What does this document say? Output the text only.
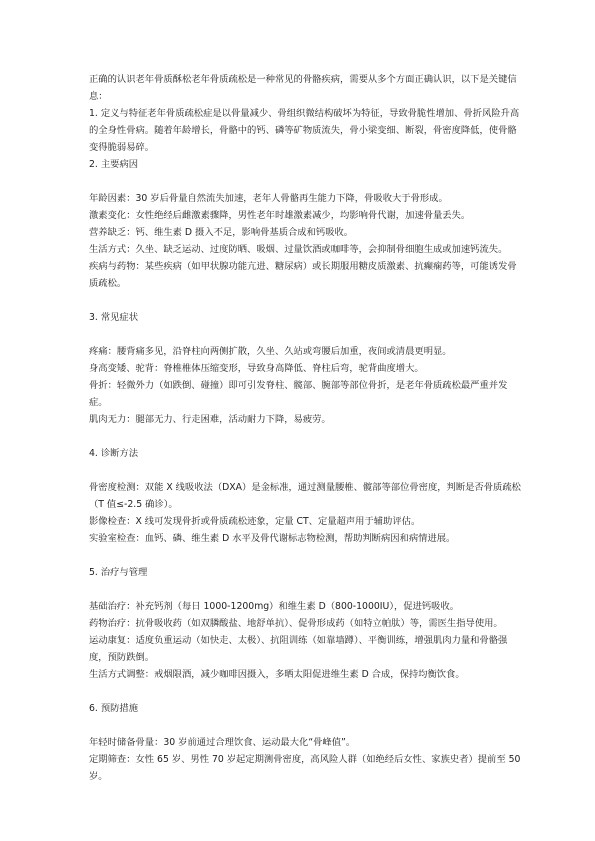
正确的认识老年骨质酥松老年骨质疏松是一种常见的骨骼疾病，需要从多个方面正确认识，以下是关键信息：

1. 定义与特征老年骨质疏松症是以骨量减少、骨组织微结构破坏为特征，导致骨脆性增加、骨折风险升高的全身性骨病。随着年龄增长，骨骼中的钙、磷等矿物质流失，骨小梁变细、断裂，骨密度降低，使骨骼变得脆弱易碎。

2. 主要病因

年龄因素：30 岁后骨量自然流失加速，老年人骨骼再生能力下降，骨吸收大于骨形成。

激素变化：女性绝经后雌激素骤降，男性老年时雄激素减少，均影响骨代谢，加速骨量丢失。

营养缺乏：钙、维生素 D 摄入不足，影响骨基质合成和钙吸收。

生活方式：久坐、缺乏运动、过度防晒、吸烟、过量饮酒或咖啡等，会抑制骨细胞生成或加速钙流失。

疾病与药物：某些疾病（如甲状腺功能亢进、糖尿病）或长期服用糖皮质激素、抗癫痫药等，可能诱发骨质疏松。

3. 常见症状

疼痛：腰背痛多见，沿脊柱向两侧扩散，久坐、久站或弯腰后加重，夜间或清晨更明显。

身高变矮、驼背：脊椎椎体压缩变形，导致身高降低、脊柱后弯，驼背曲度增大。

骨折：轻微外力（如跌倒、碰撞）即可引发脊柱、髋部、腕部等部位骨折，是老年骨质疏松最严重并发症。

肌肉无力：腿部无力、行走困难，活动耐力下降，易疲劳。

4. 诊断方法

骨密度检测：双能 X 线吸收法（DXA）是金标准，通过测量腰椎、髋部等部位骨密度，判断是否骨质疏松（T 值≤-2.5 确诊）。

影像检查：X 线可发现骨折或骨质疏松迹象，定量 CT、定量超声用于辅助评估。

实验室检查：血钙、磷、维生素 D 水平及骨代谢标志物检测，帮助判断病因和病情进展。

5. 治疗与管理

基础治疗：补充钙剂（每日 1000-1200mg）和维生素 D（800-1000IU），促进钙吸收。

药物治疗：抗骨吸收药（如双膦酸盐、地舒单抗）、促骨形成药（如特立帕肽）等，需医生指导使用。

运动康复：适度负重运动（如快走、太极）、抗阻训练（如靠墙蹲）、平衡训练，增强肌肉力量和骨骼强度，预防跌倒。

生活方式调整：戒烟限酒，减少咖啡因摄入，多晒太阳促进维生素 D 合成，保持均衡饮食。

6. 预防措施

年轻时储备骨量：30 岁前通过合理饮食、运动最大化“骨峰值”。

定期筛查：女性 65 岁、男性 70 岁起定期测骨密度，高风险人群（如绝经后女性、家族史者）提前至 50 岁。
